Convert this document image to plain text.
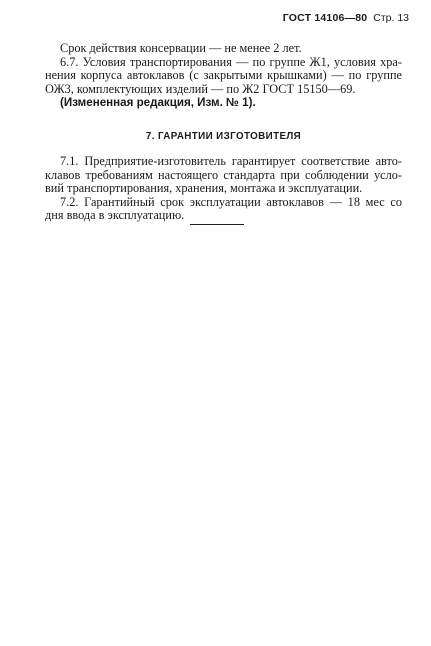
ГОСТ 14106—80 Стр. 13
Срок действия консервации — не менее 2 лет.
6.7. Условия транспортирования — по группе Ж1, условия хра-
нения корпуса автоклавов (с закрытыми крышками) — по группе
ОЖ3, комплектующих изделий — по Ж2 ГОСТ 15150—69.
(Измененная редакция, Изм. № 1).
7. ГАРАНТИИ ИЗГОТОВИТЕЛЯ
7.1. Предприятие-изготовитель гарантирует соответствие авто-
клавов требованиям настоящего стандарта при соблюдении усло-
вий транспортирования, хранения, монтажа и эксплуатации.
7.2. Гарантийный срок эксплуатации автоклавов — 18 мес со
дня ввода в эксплуатацию.
